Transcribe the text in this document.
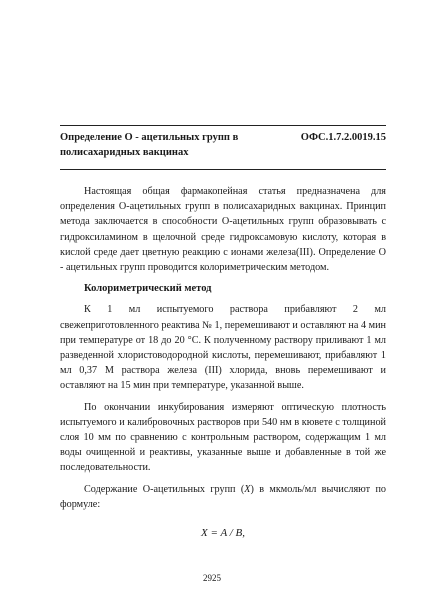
Определение О - ацетильных групп в полисахаридных вакцинах
ОФС.1.7.2.0019.15

Настоящая общая фармакопейная статья предназначена для определения О-ацетильных групп в полисахаридных вакцинах. Принцип метода заключается в способности О-ацетильных групп образовывать с гидроксиламином в щелочной среде гидроксамовую кислоту, которая в кислой среде дает цветную реакцию с ионами железа(III). Определение О - ацетильных групп проводится колориметрическим методом.

Колориметрический метод

К 1 мл испытуемого раствора прибавляют 2 мл свежеприготовленного реактива № 1, перемешивают и оставляют на 4 мин при температуре от 18 до 20 °С. К полученному раствору приливают 1 мл разведенной хлористоводородной кислоты, перемешивают, прибавляют 1 мл 0,37 М раствора железа (III) хлорида, вновь перемешивают и оставляют на 15 мин при температуре, указанной выше.

По окончании инкубирования измеряют оптическую плотность испытуемого и калибровочных растворов при 540 нм в кювете с толщиной слоя 10 мм по сравнению с контрольным раствором, содержащим 1 мл воды очищенной и реактивы, указанные выше и добавленные в той же последовательности.

Содержание О-ацетильных групп (X) в мкмоль/мл вычисляют по формуле:

X = A / B,
2925
